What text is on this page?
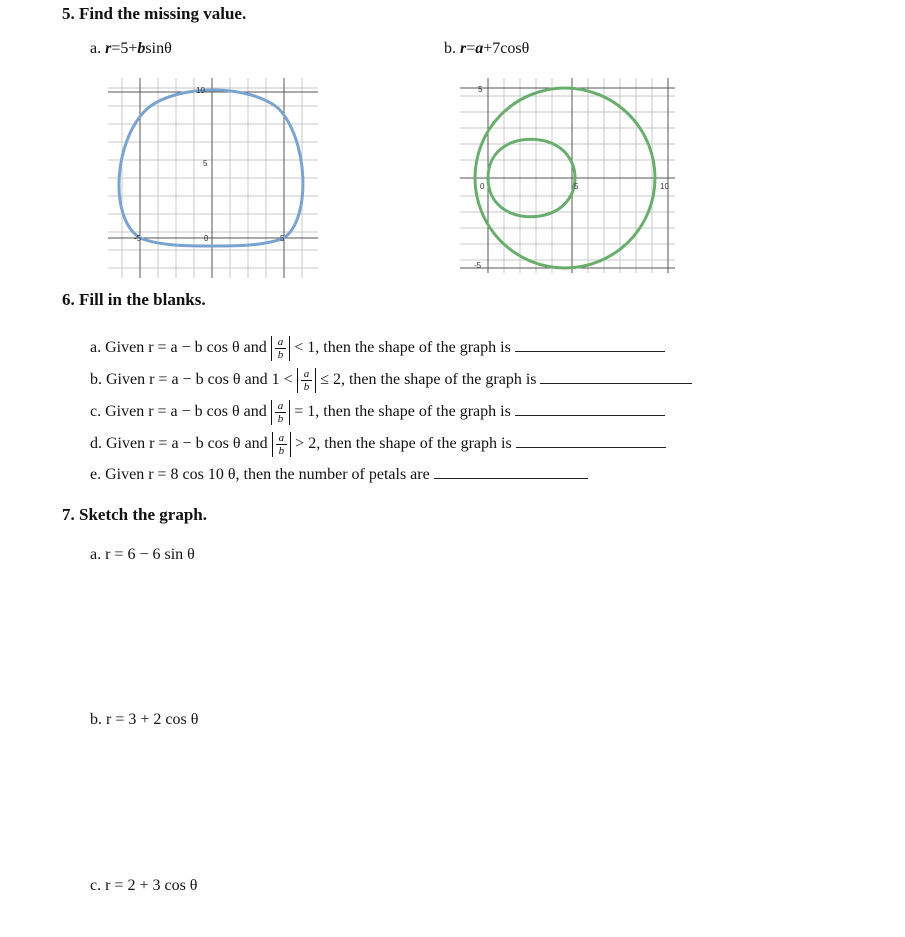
5. Find the missing value.
a. r=5+bsinθ	b. r=a+7cosθ
10
5
-5	0	5
5
-5
0	5	10
6. Fill in the blanks.
a. Given r = a − b cos θ and $\frac{a}{b} < 1$, then the shape of the graph is
b. Given r = a − b cos θ and $1 < \frac{a}{b} \le 2$, then the shape of the graph is
c. Given r = a − b cos θ and $\frac{a}{b} = 1$, then the shape of the graph is
d. Given r = a − b cos θ and $\frac{a}{b} > 2$, then the shape of the graph is
e. Given r = 8 cos 10 θ, then the number of petals are
7. Sketch the graph.
a. r = 6 − 6 sin θ
b. r = 3 + 2 cos θ
c. r = 2 + 3 cos θ
